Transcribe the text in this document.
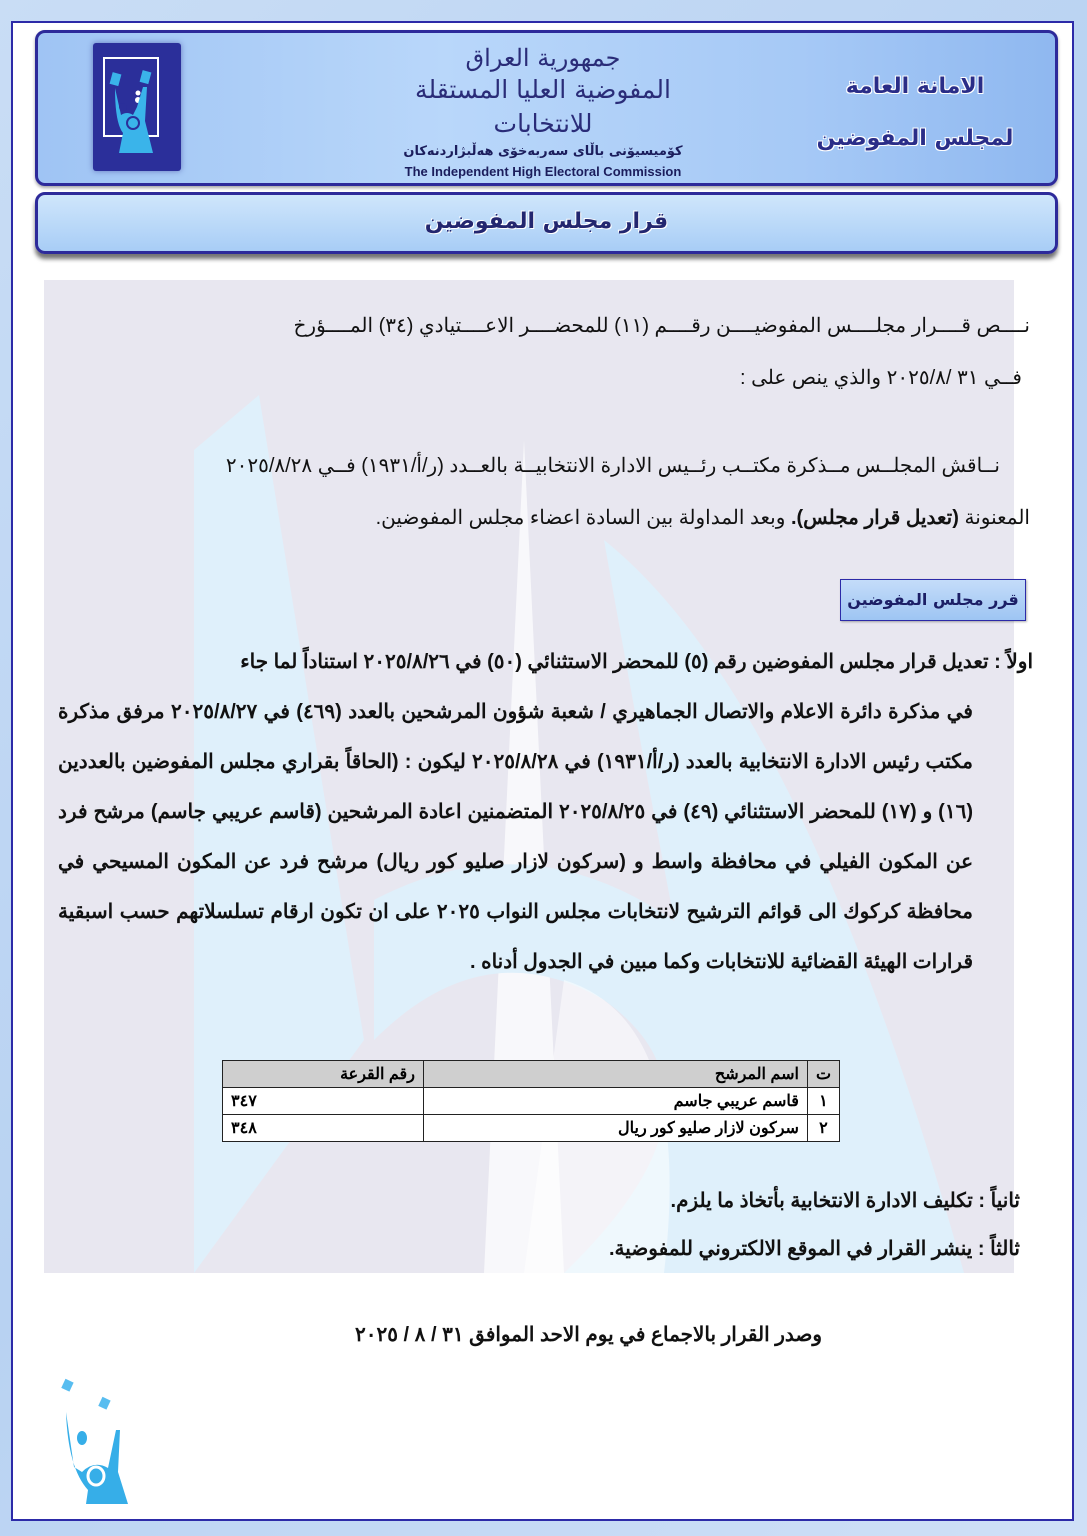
جمهورية العراق
المفوضية العليا المستقلة للانتخابات
كۆمیسیۆنی باڵای سەربەخۆی هەڵبژاردنەكان
The Independent High Electoral Commission
الامانة العامة
لمجلس المفوضين
قرار مجلس المفوضين
نــــص قــــرار مجلــــس المفوضيــــن رقــــم (١١) للمحضــــر الاعــــتيادي (٣٤) المــــؤرخ
فــي ٣١ /٢٠٢٥/٨ والذي ينص على :
نــاقش المجلــس مــذكرة مكتــب رئــيس الادارة الانتخابيــة بالعــدد (ر/أ/١٩٣١) فــي ٢٠٢٥/٨/٢٨
المعنونة (تعديل قرار مجلس). وبعد المداولة بين السادة اعضاء مجلس المفوضين.
قرر مجلس المفوضين
اولاً : تعديل قرار مجلس المفوضين رقم (٥) للمحضر الاستثنائي (٥٠) في ٢٠٢٥/٨/٢٦ استناداً لما جاء
في مذكرة دائرة الاعلام والاتصال الجماهيري / شعبة شؤون المرشحين بالعدد (٤٦٩) في ٢٠٢٥/٨/٢٧ مرفق مذكرة مكتب رئيس الادارة الانتخابية بالعدد (ر/أ/١٩٣١) في ٢٠٢٥/٨/٢٨ ليكون : (الحاقاً بقراري مجلس المفوضين بالعددين (١٦) و (١٧) للمحضر الاستثنائي (٤٩) في ٢٠٢٥/٨/٢٥ المتضمنين اعادة المرشحين (قاسم عريبي جاسم) مرشح فرد عن المكون الفيلي في محافظة واسط و (سركون لازار صليو كور ريال) مرشح فرد عن المكون المسيحي في محافظة كركوك الى قوائم الترشيح لانتخابات مجلس النواب ٢٠٢٥ على ان تكون ارقام تسلسلاتهم حسب اسبقية قرارات الهيئة القضائية للانتخابات وكما مبين في الجدول أدناه .
ت	اسم المرشح	رقم القرعة
١	قاسم عريبي جاسم	٣٤٧
٢	سركون لازار صليو كور ريال	٣٤٨
ثانياً : تكليف الادارة الانتخابية بأتخاذ ما يلزم.
ثالثاً : ينشر القرار في الموقع الالكتروني للمفوضية.
وصدر القرار بالاجماع في يوم الاحد الموافق ٣١ / ٨ / ٢٠٢٥
